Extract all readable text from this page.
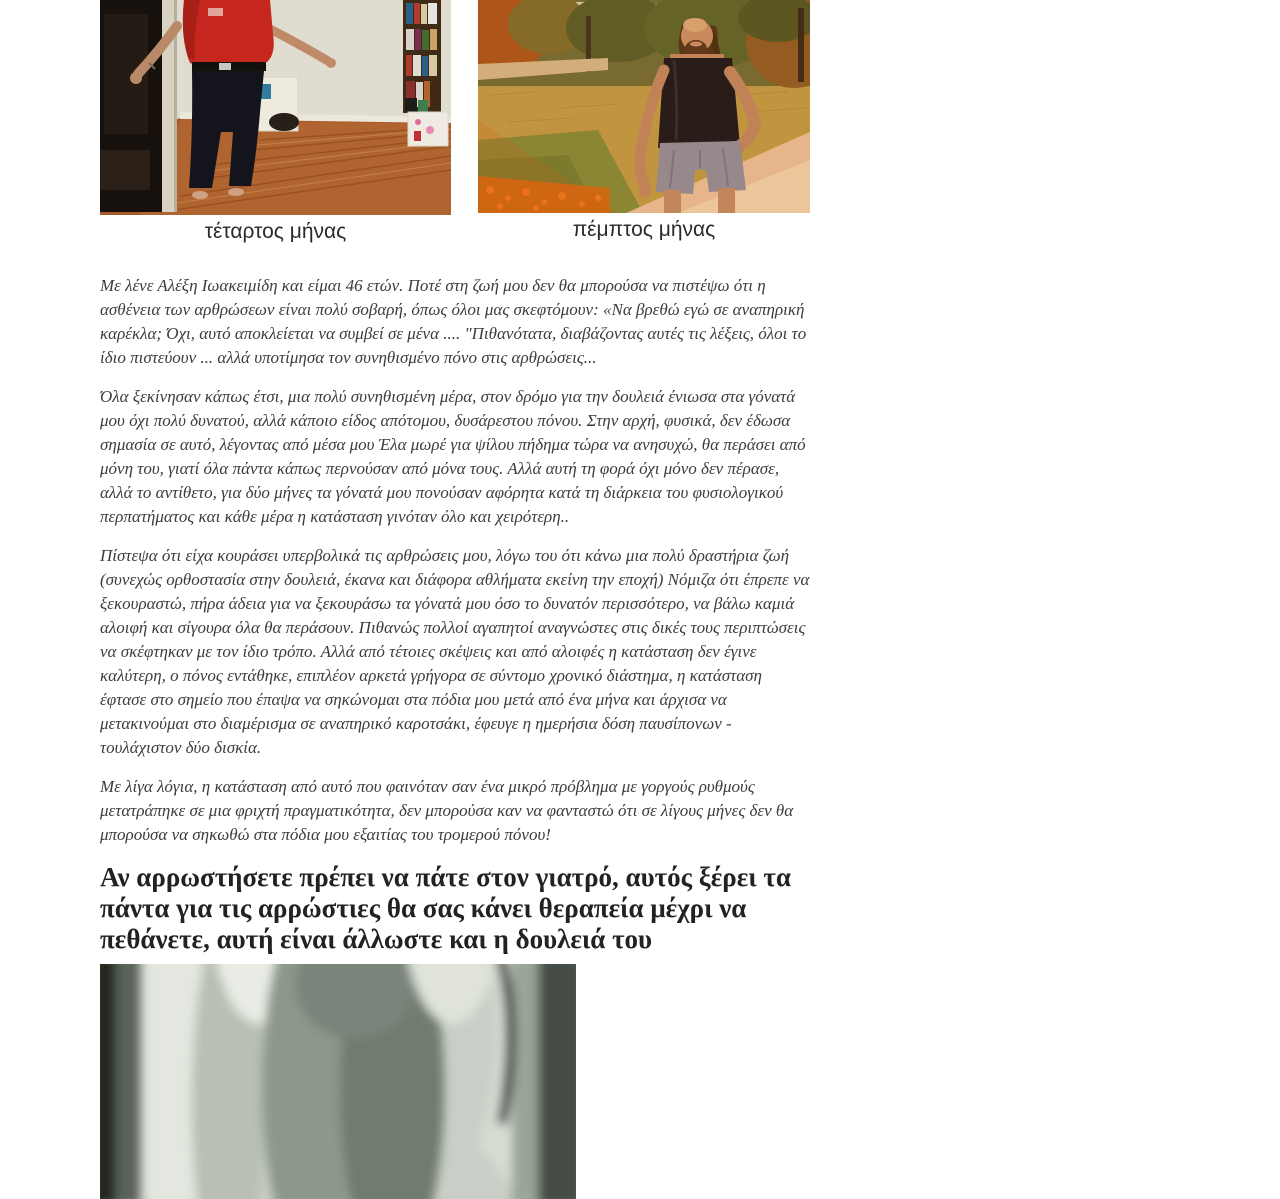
τέταρτος μήνας	πέμπτος μήνας

Με λένε Αλέξη Ιωακειμίδη και είμαι 46 ετών. Ποτέ στη ζωή μου δεν θα μπορούσα να πιστέψω ότι η ασθένεια των αρθρώσεων είναι πολύ σοβαρή, όπως όλοι μας σκεφτόμουν: «Να βρεθώ εγώ σε αναπηρική καρέκλα; Όχι, αυτό αποκλείεται να συμβεί σε μένα .... "Πιθανότατα, διαβάζοντας αυτές τις λέξεις, όλοι το ίδιο πιστεύουν ... αλλά υποτίμησα τον συνηθισμένο πόνο στις αρθρώσεις...

Όλα ξεκίνησαν κάπως έτσι, μια πολύ συνηθισμένη μέρα, στον δρόμο για την δουλειά ένιωσα στα γόνατά μου όχι πολύ δυνατού, αλλά κάποιο είδος απότομου, δυσάρεστου πόνου. Στην αρχή, φυσικά, δεν έδωσα σημασία σε αυτό, λέγοντας από μέσα μου Έλα μωρέ για ψίλου πήδημα τώρα να ανησυχώ, θα περάσει από μόνη του, γιατί όλα πάντα κάπως περνούσαν από μόνα τους. Αλλά αυτή τη φορά όχι μόνο δεν πέρασε, αλλά το αντίθετο, για δύο μήνες τα γόνατά μου πονούσαν αφόρητα κατά τη διάρκεια του φυσιολογικού περπατήματος και κάθε μέρα η κατάσταση γινόταν όλο και χειρότερη..

Πίστεψα ότι είχα κουράσει υπερβολικά τις αρθρώσεις μου, λόγω του ότι κάνω μια πολύ δραστήρια ζωή (συνεχώς ορθοστασία στην δουλειά, έκανα και διάφορα αθλήματα εκείνη την εποχή) Νόμιζα ότι έπρεπε να ξεκουραστώ, πήρα άδεια για να ξεκουράσω τα γόνατά μου όσο το δυνατόν περισσότερο, να βάλω καμιά αλοιφή και σίγουρα όλα θα περάσουν. Πιθανώς πολλοί αγαπητοί αναγνώστες στις δικές τους περιπτώσεις να σκέφτηκαν με τον ίδιο τρόπο. Αλλά από τέτοιες σκέψεις και από αλοιφές η κατάσταση δεν έγινε καλύτερη, ο πόνος εντάθηκε, επιπλέον αρκετά γρήγορα σε σύντομο χρονικό διάστημα, η κατάσταση έφτασε στο σημείο που έπαψα να σηκώνομαι στα πόδια μου μετά από ένα μήνα και άρχισα να μετακινούμαι στο διαμέρισμα σε αναπηρικό καροτσάκι, έφευγε η ημερήσια δόση παυσίπονων - τουλάχιστον δύο δισκία.

Με λίγα λόγια, η κατάσταση από αυτό που φαινόταν σαν ένα μικρό πρόβλημα με γοργούς ρυθμούς μετατράπηκε σε μια φριχτή πραγματικότητα, δεν μπορούσα καν να φανταστώ ότι σε λίγους μήνες δεν θα μπορούσα να σηκωθώ στα πόδια μου εξαιτίας του τρομερού πόνου!

Αν αρρωστήσετε πρέπει να πάτε στον γιατρό, αυτός ξέρει τα πάντα για τις αρρώστιες θα σας κάνει θεραπεία μέχρι να πεθάνετε, αυτή είναι άλλωστε και η δουλειά του
